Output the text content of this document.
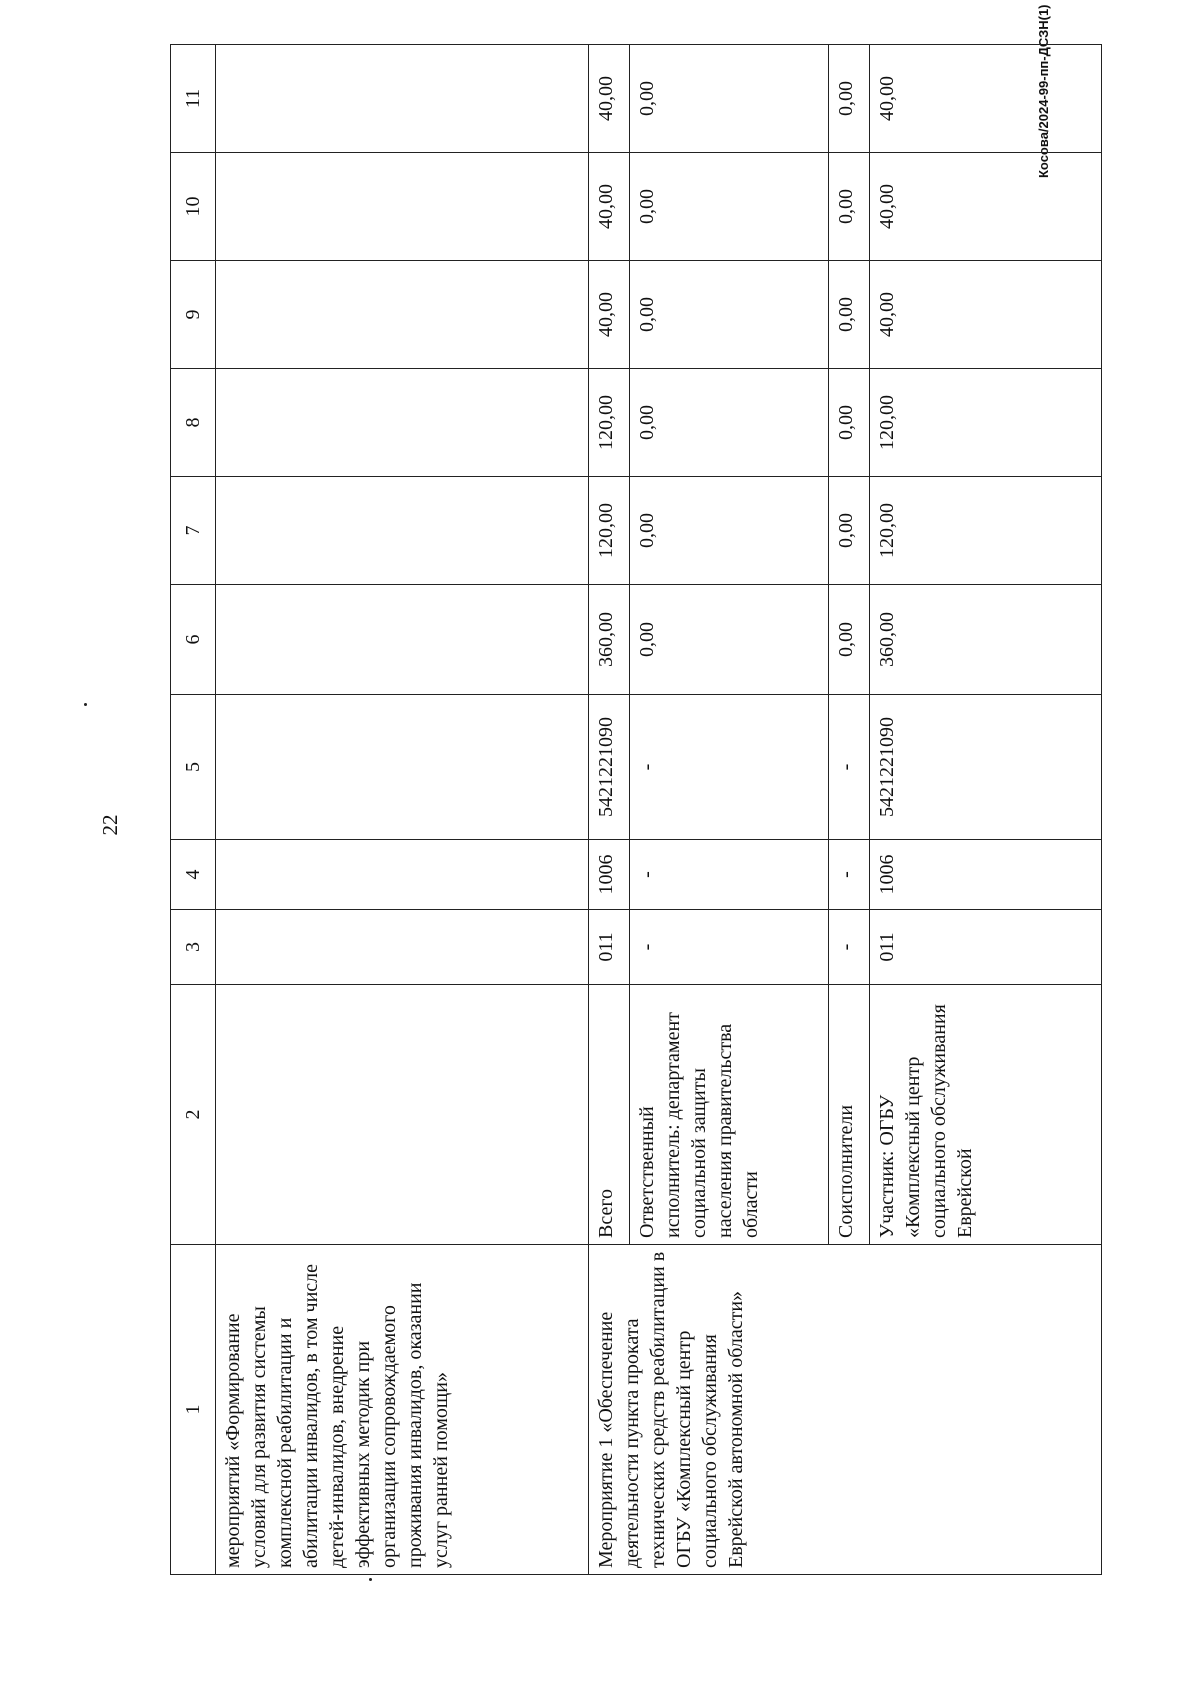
22
Косова/2024-99-пп-ДСЗН(1)
1	2	3	4	5	6	7	8	9	10	11
мероприятий «Формирование условий для развития системы комплексной реабилитации и абилитации инвалидов, в том числе детей-инвалидов, внедрение эффективных методик при организации сопровождаемого проживания инвалидов, оказании услуг ранней помощи»										
Мероприятие 1 «Обеспечение деятельности пункта проката технических средств реабилитации в ОГБУ «Комплексный центр социального обслуживания Еврейской автономной области»	Всего	011	1006	5421221090	360,00	120,00	120,00	40,00	40,00	40,00
	Ответственный исполнитель: департамент социальной защиты населения правительства области	-	-	-	0,00	0,00	0,00	0,00	0,00	0,00
	Соисполнители	-	-	-	0,00	0,00	0,00	0,00	0,00	0,00
	Участник: ОГБУ «Комплексный центр социального обслуживания Еврейской	011	1006	5421221090	360,00	120,00	120,00	40,00	40,00	40,00
